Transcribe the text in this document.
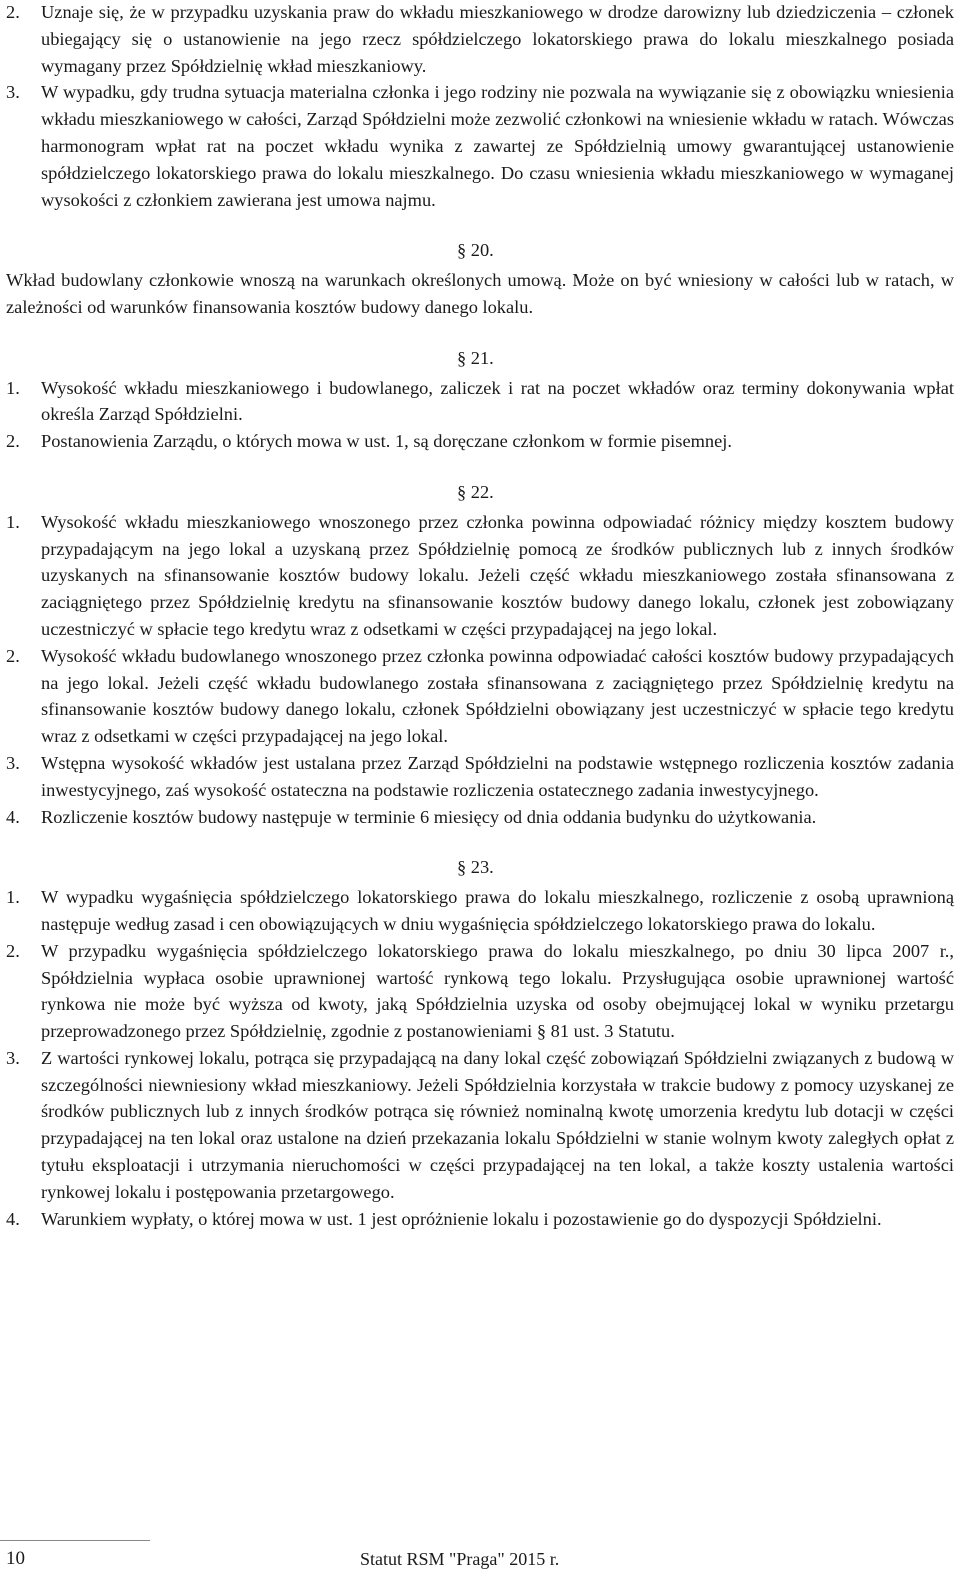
2. Uznaje się, że w przypadku uzyskania praw do wkładu mieszkaniowego w drodze darowizny lub dziedziczenia – członek ubiegający się o ustanowienie na jego rzecz spółdzielczego lokatorskiego prawa do lokalu mieszkalnego posiada wymagany przez Spółdzielnię wkład mieszkaniowy.
3. W wypadku, gdy trudna sytuacja materialna członka i jego rodziny nie pozwala na wywiązanie się z obowiązku wniesienia wkładu mieszkaniowego w całości, Zarząd Spółdzielni może zezwolić członkowi na wniesienie wkładu w ratach. Wówczas harmonogram wpłat rat na poczet wkładu wynika z zawartej ze Spółdzielnią umowy gwarantującej ustanowienie spółdzielczego lokatorskiego prawa do lokalu mieszkalnego. Do czasu wniesienia wkładu mieszkaniowego w wymaganej wysokości z członkiem zawierana jest umowa najmu.
§ 20.
Wkład budowlany członkowie wnoszą na warunkach określonych umową. Może on być wniesiony w całości lub w ratach, w zależności od warunków finansowania kosztów budowy danego lokalu.
§ 21.
1. Wysokość wkładu mieszkaniowego i budowlanego, zaliczek i rat na poczet wkładów oraz terminy dokonywania wpłat określa Zarząd Spółdzielni.
2. Postanowienia Zarządu, o których mowa w ust. 1, są doręczane członkom w formie pisemnej.
§ 22.
1. Wysokość wkładu mieszkaniowego wnoszonego przez członka powinna odpowiadać różnicy między kosztem budowy przypadającym na jego lokal a uzyskaną przez Spółdzielnię pomocą ze środków publicznych lub z innych środków uzyskanych na sfinansowanie kosztów budowy lokalu. Jeżeli część wkładu mieszkaniowego została sfinansowana z zaciągniętego przez Spółdzielnię kredytu na sfinansowanie kosztów budowy danego lokalu, członek jest zobowiązany uczestniczyć w spłacie tego kredytu wraz z odsetkami w części przypadającej na jego lokal.
2. Wysokość wkładu budowlanego wnoszonego przez członka powinna odpowiadać całości kosztów budowy przypadających na jego lokal. Jeżeli część wkładu budowlanego została sfinansowana z zaciągniętego przez Spółdzielnię kredytu na sfinansowanie kosztów budowy danego lokalu, członek Spółdzielni obowiązany jest uczestniczyć w spłacie tego kredytu wraz z odsetkami w części przypadającej na jego lokal.
3. Wstępna wysokość wkładów jest ustalana przez Zarząd Spółdzielni na podstawie wstępnego rozliczenia kosztów zadania inwestycyjnego, zaś wysokość ostateczna na podstawie rozliczenia ostatecznego zadania inwestycyjnego.
4. Rozliczenie kosztów budowy następuje w terminie 6 miesięcy od dnia oddania budynku do użytkowania.
§ 23.
1. W wypadku wygaśnięcia spółdzielczego lokatorskiego prawa do lokalu mieszkalnego, rozliczenie z osobą uprawnioną następuje według zasad i cen obowiązujących w dniu wygaśnięcia spółdzielczego lokatorskiego prawa do lokalu.
2. W przypadku wygaśnięcia spółdzielczego lokatorskiego prawa do lokalu mieszkalnego, po dniu 30 lipca 2007 r., Spółdzielnia wypłaca osobie uprawnionej wartość rynkową tego lokalu. Przysługująca osobie uprawnionej wartość rynkowa nie może być wyższa od kwoty, jaką Spółdzielnia uzyska od osoby obejmującej lokal w wyniku przetargu przeprowadzonego przez Spółdzielnię, zgodnie z postanowieniami § 81 ust. 3 Statutu.
3. Z wartości rynkowej lokalu, potrąca się przypadającą na dany lokal część zobowiązań Spółdzielni związanych z budową w szczególności niewniesiony wkład mieszkaniowy. Jeżeli Spółdzielnia korzystała w trakcie budowy z pomocy uzyskanej ze środków publicznych lub z innych środków potrąca się również nominalną kwotę umorzenia kredytu lub dotacji w części przypadającej na ten lokal oraz ustalone na dzień przekazania lokalu Spółdzielni w stanie wolnym kwoty zaległych opłat z tytułu eksploatacji i utrzymania nieruchomości w części przypadającej na ten lokal, a także koszty ustalenia wartości rynkowej lokalu i postępowania przetargowego.
4. Warunkiem wypłaty, o której mowa w ust. 1 jest opróżnienie lokalu i pozostawienie go do dyspozycji Spółdzielni.
10	Statut RSM "Praga" 2015 r.
